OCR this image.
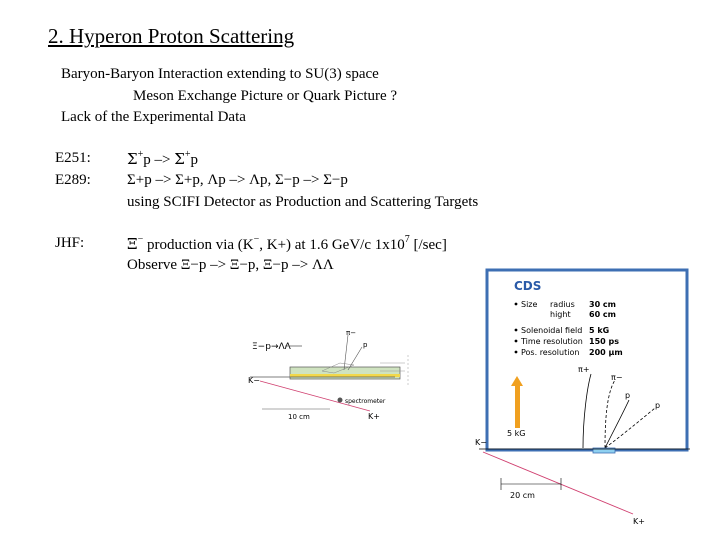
2. Hyperon Proton Scattering
Baryon-Baryon Interaction extending to SU(3) space
Meson Exchange Picture or Quark Picture ?
Lack of the Experimental Data
E251: Σ+p –> Σ+p
E289: Σ+p –> Σ+p, Λp –> Λp, Σ−p –> Σ−p
using SCIFI Detector as Production and Scattering Targets
JHF:	Ξ− production via (K−, K+) at 1.6 GeV/c $1x10^7$ [/sec]
Observe Ξ−p –> Ξ−p, Ξ−p –> ΛΛ
Ξ−p→ΛΛ
K−
K+
π−
p
spectrometer
10 cm
CDS
Size radius 30 cm
hight 60 cm
Solenoidal field 5 kG
Time resolution 150 ps
Pos. resolution 200 μm
5 kG
π+
π−
p
p
K−
K+
20 cm
